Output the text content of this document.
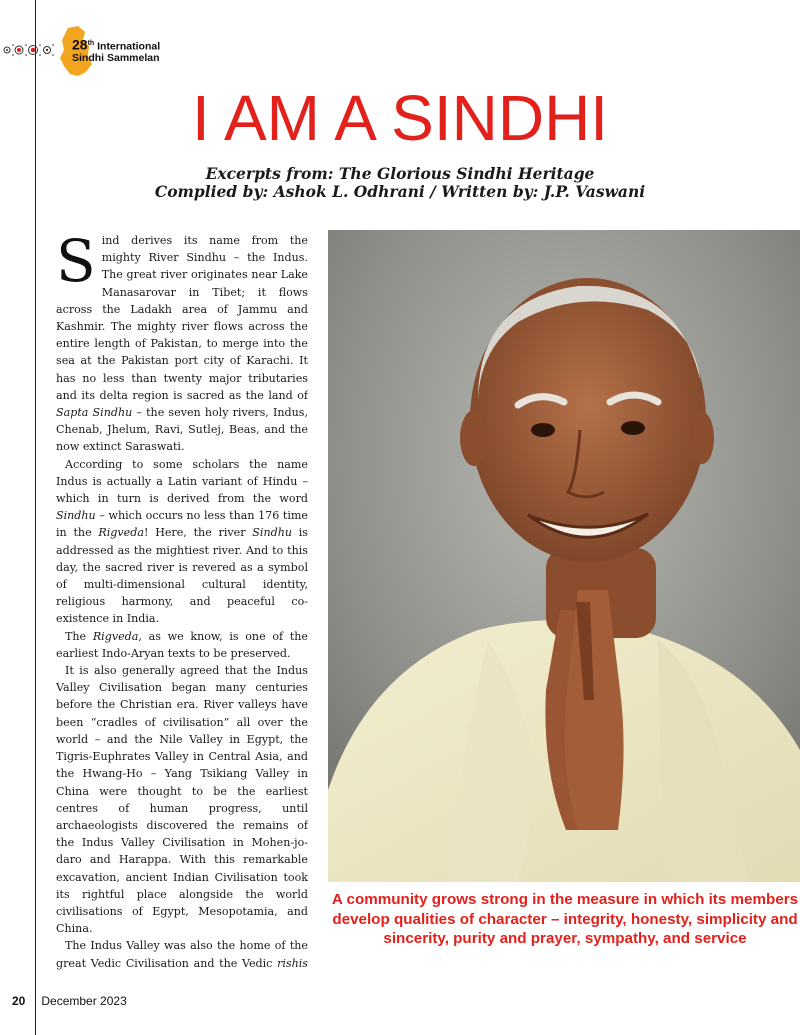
28th International
Sindhi Sammelan
I AM A SINDHI
Excerpts from: The Glorious Sindhi Heritage
Complied by: Ashok L. Odhrani / Written by: J.P. Vaswani

Sind derives its name from the mighty River Sindhu – the Indus. The great river originates near Lake Manasarovar in Tibet; it flows across the Ladakh area of Jammu and Kashmir. The mighty river flows across the entire length of Pakistan, to merge into the sea at the Pakistan port city of Karachi. It has no less than twenty major tributaries and its delta region is sacred as the land of Sapta Sindhu – the seven holy rivers, Indus, Chenab, Jhelum, Ravi, Sutlej, Beas, and the now extinct Saraswati.

According to some scholars the name Indus is actually a Latin variant of Hindu – which in turn is derived from the word Sindhu – which occurs no less than 176 time in the Rigveda! Here, the river Sindhu is addressed as the mightiest river. And to this day, the sacred river is revered as a symbol of multi-dimensional cultural identity, religious harmony, and peaceful co- existence in India.

The Rigveda, as we know, is one of the earliest Indo-Aryan texts to be preserved.

It is also generally agreed that the Indus Valley Civilisation began many centuries before the Christian era. River valleys have been “cradles of civilisation” all over the world – and the Nile Valley in Egypt, the Tigris-Euphrates Valley in Central Asia, and the Hwang-Ho – Yang Tsikiang Valley in China were thought to be the earliest centres of human progress, until archaeologists discovered the remains of the Indus Valley Civilisation in Mohen-jo-daro and Harappa. With this remarkable excavation, ancient Indian Civilisation took its rightful place alongside the world civilisations of Egypt, Mesopotamia, and China.

The Indus Valley was also the home of the great Vedic Civilisation and the Vedic rishis

A community grows strong in the measure in which its members develop qualities of character – integrity, honesty, simplicity and sincerity, purity and prayer, sympathy, and service
20 December 2023
